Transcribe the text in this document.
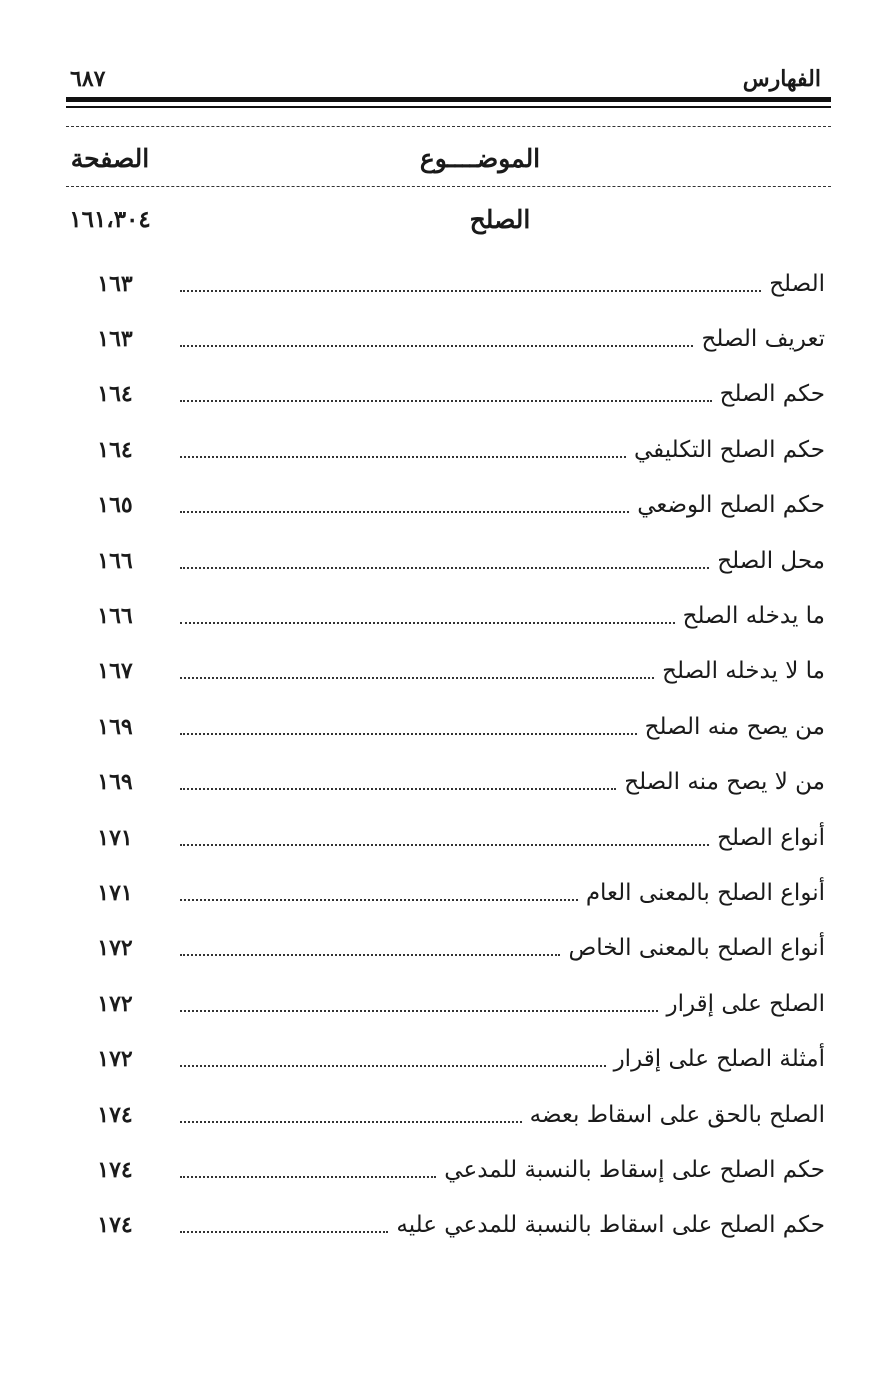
الفهارس
٦٨٧
الموضــــوع
الصفحة
الصلح
١٦١،٣٠٤
الصلح
تعريف الصلح
حكم الصلح
حكم الصلح التكليفي
حكم الصلح الوضعي
محل الصلح
ما يدخله الصلح
ما لا يدخله الصلح
من يصح منه الصلح
من لا يصح منه الصلح
أنواع الصلح
أنواع الصلح بالمعنى العام
أنواع الصلح بالمعنى الخاص
الصلح على إقرار
أمثلة الصلح على إقرار
الصلح بالحق على اسقاط بعضه
حكم الصلح على إسقاط بالنسبة للمدعي
حكم الصلح على اسقاط بالنسبة للمدعي عليه
١٦٣
١٦٣
١٦٤
١٦٤
١٦٥
١٦٦
١٦٦
١٦٧
١٦٩
١٦٩
١٧١
١٧١
١٧٢
١٧٢
١٧٢
١٧٤
١٧٤
١٧٤
